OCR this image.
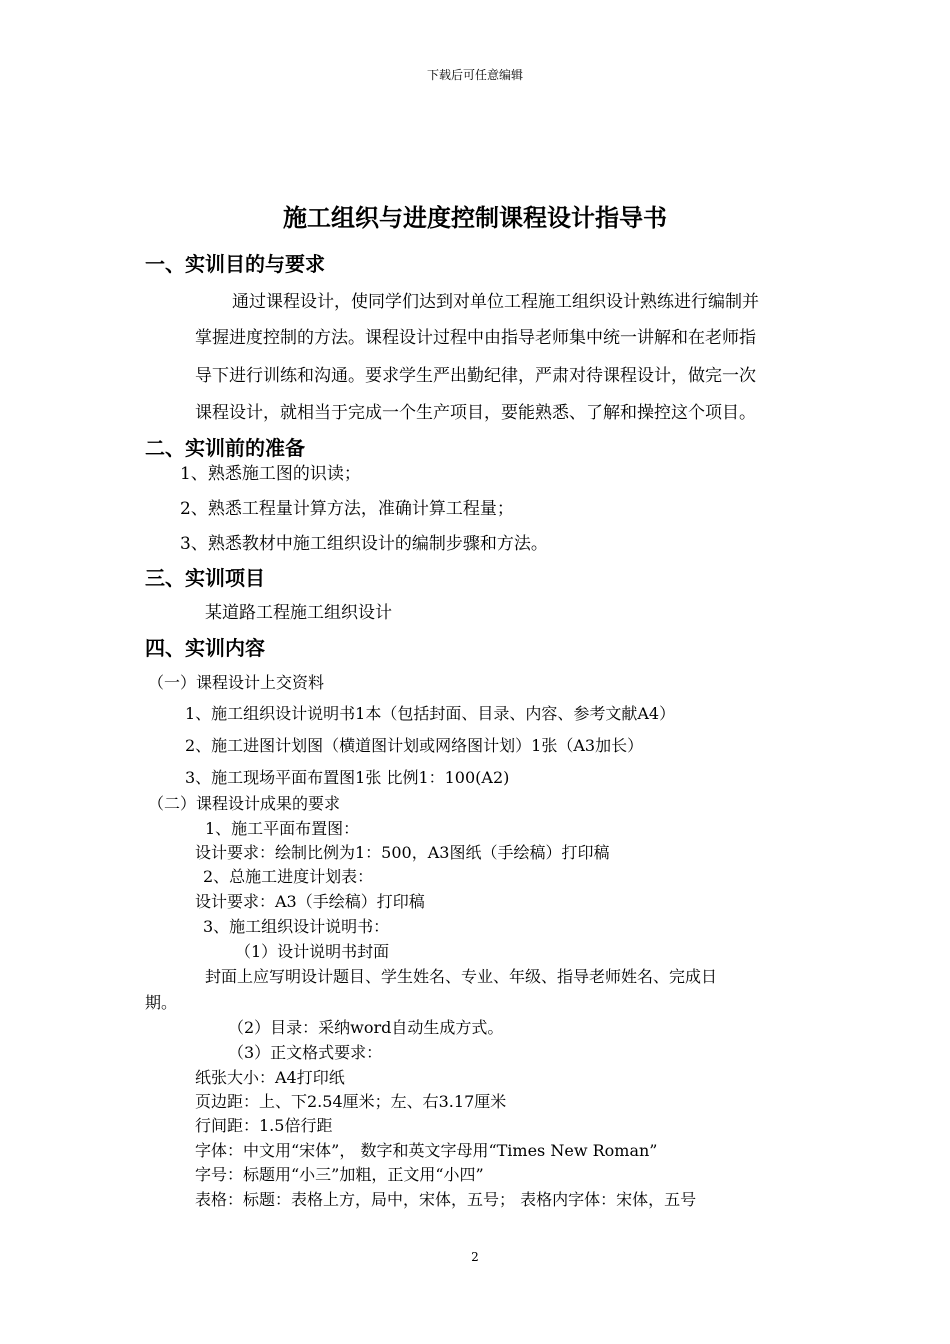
下载后可任意编辑
施工组织与进度控制课程设计指导书
一、实训目的与要求
通过课程设计，使同学们达到对单位工程施工组织设计熟练进行编制并
掌握进度控制的方法。课程设计过程中由指导老师集中统一讲解和在老师指
导下进行训练和沟通。要求学生严出勤纪律，严肃对待课程设计，做完一次
课程设计，就相当于完成一个生产项目，要能熟悉、了解和操控这个项目。
二、实训前的准备
1、熟悉施工图的识读；
2、熟悉工程量计算方法，准确计算工程量；
3、熟悉教材中施工组织设计的编制步骤和方法。
三、实训项目
某道路工程施工组织设计
四、实训内容
（一）课程设计上交资料
1、施工组织设计说明书1本（包括封面、目录、内容、参考文献A4）
2、施工进图计划图（横道图计划或网络图计划）1张（A3加长）
3、施工现场平面布置图1张 比例1：100(A2)
（二）课程设计成果的要求
1、施工平面布置图：
设计要求：绘制比例为1：500，A3图纸（手绘稿）打印稿
2、总施工进度计划表：
设计要求：A3（手绘稿）打印稿
3、施工组织设计说明书：
（1）设计说明书封面
封面上应写明设计题目、学生姓名、专业、年级、指导老师姓名、完成日
期。
（2）目录：采纳word自动生成方式。
（3）正文格式要求：
纸张大小：A4打印纸
页边距：上、下2.54厘米；左、右3.17厘米
行间距：1.5倍行距
字体：中文用“宋体”， 数字和英文字母用“Times New Roman”
字号：标题用“小三”加粗，正文用“小四”
表格：标题：表格上方，局中，宋体，五号； 表格内字体：宋体，五号
2
